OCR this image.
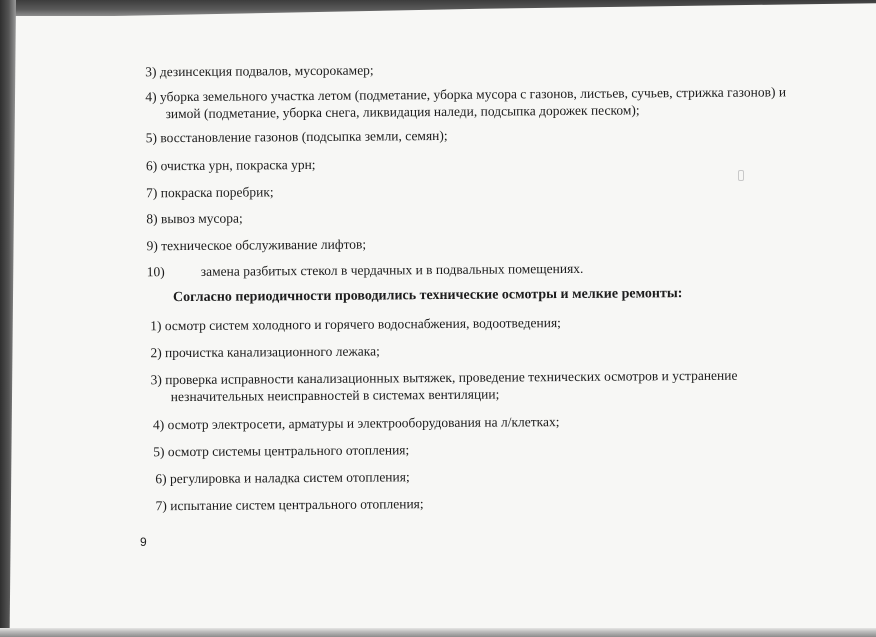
3) дезинсекция подвалов, мусорокамер;
4) уборка земельного участка летом (подметание, уборка мусора с газонов, листьев, сучьев, стрижка газонов) и
зимой (подметание, уборка снега, ликвидация наледи, подсыпка дорожек песком);
5) восстановление газонов (подсыпка земли, семян);
6) очистка урн, покраска урн;
7) покраска поребрик;
8) вывоз мусора;
9) техническое обслуживание лифтов;
10)	замена разбитых стекол в чердачных и в подвальных помещениях.
Согласно периодичности проводились технические осмотры и мелкие ремонты:
1) осмотр систем холодного и горячего водоснабжения, водоотведения;
2) прочистка канализационного лежака;
3) проверка исправности канализационных вытяжек, проведение технических осмотров и устранение
незначительных неисправностей в системах вентиляции;
4) осмотр электросети, арматуры и электрооборудования на л/клетках;
5) осмотр системы центрального отопления;
6) регулировка и наладка систем отопления;
7) испытание систем центрального отопления;
9
